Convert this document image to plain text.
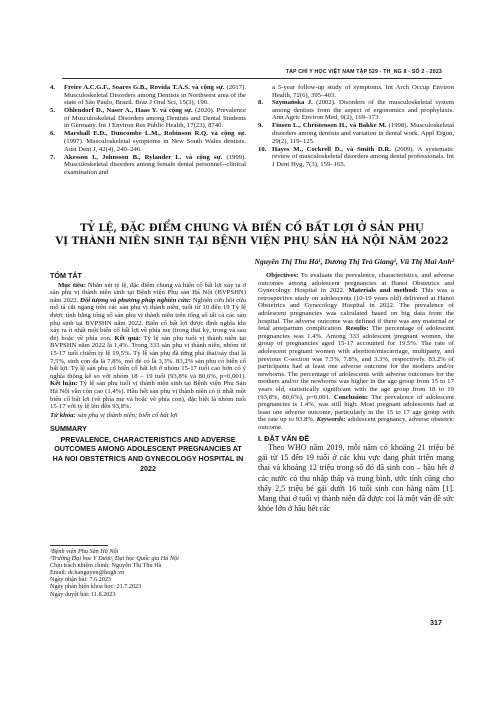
TẠP CHÍ Y HỌC VIỆT NAM TẬP 529 - TH_NG 8 - SỐ 2 - 2023
4.	Freire A.C.G.F., Soares G.B., Rovida T.A.S. và cộng sự. (2017). Musculoskeletal Disorders among Dentists in Northwest area of the state of São Paulo, Brazil. Braz J Oral Sci, 15(3), 190.
5.	Ohlendorf D., Naser A., Haas Y. và cộng sự. (2020). Prevalence of Musculoskeletal Disorders among Dentists and Dental Students in Germany. Int J Environ Res Public Health, 17(23), 8740.
6.	Marshall E.D., Duncombe L.M., Robinson R.Q. và cộng sự. (1997). Musculoskeletal symptoms in New South Wales dentists. Aust Dent J, 42(4), 240–246.
7.	Akesson I., Johnsson B., Rylander L. và cộng sự. (1999). Musculoskeletal disorders among female dental personnel--clinical examination and
a 5-year follow-up study of symptoms. Int Arch Occup Environ Health, 72(6), 395–403.
8.	Szymańska J. (2002). Disorders of the musculoskeletal system among dentists from the aspect of ergonomics and prophylaxis. Ann Agric Environ Med, 9(2), 169–173.
9.	Finsen L., Christensen H., và Bakke M. (1998). Musculoskeletal disorders among dentists and variation in dental work. Appl Ergon, 29(2), 119–125.
10. Hayes M., Cockrell D., và Smith D.R. (2009). A systematic review of musculoskeletal disorders among dental professionals. Int J Dent Hyg, 7(3), 159–165.
TỶ LỆ, ĐẶC ĐIỂM CHUNG VÀ BIẾN CỐ BẤT LỢI Ở SẢN PHỤ
VỊ THÀNH NIÊN SINH TẠI BỆNH VIỆN PHỤ SẢN HÀ NỘI NĂM 2022
Nguyễn Thị Thu Hà¹, Dương Thị Trà Giang¹, Vũ Thị Mai Anh²
TÓM TẮT

Mục tiêu: Nhằn xét tỷ lệ, đặc điểm chung và biến cố bất lợi xảy ra ở sản phụ vị thành niên sinh tại Bệnh viện Phụ sản Hà Nội (BVPSHN) năm 2022. Đối tượng và phương pháp nghiên cứu: Nghiên cứu hồi cứu mô tả cắt ngang trên các sản phụ vị thành niên, tuổi từ 10 đến 19 Tỷ lệ được tính bằng tổng số sản phụ vị thành niên trên tổng số tất cả các sản phụ sinh tại BVPSHN năm 2022. Biến cố bất lợi được định nghĩa khi xảy ra ít nhất một biến cố bất lợi về phía mẹ (trong thai kỳ, trong và sau đẻ) hoặc về phía con. Kết quả: Tỷ lệ sản phụ tuổi vị thành niên tại BVPSHN năm 2022 là 1,4%. Trong 333 sản phụ vị thành niên, nhóm từ 15-17 tuổi chiếm tỷ lệ 19,5%. Tỷ lệ sản phụ đã từng phá thai/sảy thai là 7,5%, sinh con đa là 7,8%, mổ đẻ có là 3,3%. 83,2% sản phụ có biến cố bất lợi. Tỷ lệ sản phụ có biến cố bất lợi ở nhóm 15-17 tuổi cao hơn có ý nghĩa thống kê so với nhóm 18 – 19 tuổi (93,8% và 80,6%, p=0,001). Kết luận: Tỷ lệ sản phụ tuổi vị thành niên sinh tại Bệnh viện Phụ Sản Hà Nội vẫn còn cao (1,4%). Hầu hết sản phụ vị thành niên có ít nhất một biến cố bất lợi (về phía mẹ và hoặc về phía con), đặc biệt là nhóm tuổi 15-17 với tỷ lệ lên đến 93,8%.

Từ khóa: sản phụ vị thành niên; biến cố bất lợi
SUMMARY
PREVALENCE, CHARACTERISTICS AND ADVERSE OUTCOMES AMONG ADOLESCENT PREGNANCIES AT HA NOI OBSTETRICS AND GYNECOLOGY HOSPITAL IN 2022
¹Bệnh viện Phụ Sản Hà Nội
²Trường Đại học Y Dược, Đại học Quốc gia Hà Nội
Chịu trách nhiệm chính: Nguyễn Thị Thu Hà
Email: dr.hanguyen@hogh.vn
Ngày nhận bài: 7.6.2023
Ngày phản biện khoa học: 21.7.2023
Ngày duyệt bài: 11.8.2023

Objectives: To evaluate the prevalence, characteristics, and adverse outcomes among adolescent pregnancies at Hanoi Obstetrics and Gynecology Hospital in 2022. Materials and method: This was a retrospective study on adolescents (10-19 years old) delivered at Hanoi Obstetrics and Gynecology Hospital in 2022. The prevalence of adolescent pregnancies was calculated based on big data from the hospital. The adverse outcome was defined if there was any maternal or fetal antepartum complication. Results: The percentage of adolescent pregnancies was 1.4%. Among 333 adolescent pregnant women, the group of pregnancies aged 15-17 accounted for 19.5%. The rate of adolescent pregnant women with abortion/miscarriage, multiparty, and previous C-section was 7.5%, 7.8%, and 3.3%, respectively. 83.2% of participants had at least one adverse outcome for the mothers and/or newborns. The percentage of adolescents with adverse outcomes for the mothers and/or the newborns was higher in the age group from 15 to 17 years old, statistically significant with the age group from 18 to 19 (93,8%, 80,6%), p=0.001. Conclusion: The prevalence of adolescent pregnancies is 1.4%, was still high. Most pregnant adolescents had at least one adverse outcome, particularly in the 15 to 17 age group with the rate up to 93.8%. Keywords: adolescent pregnancy, adverse obstetric outcome.

I. ĐẶT VẤN ĐỀ

Theo WHO năm 2019, mỗi năm có khoảng 21 triệu bé gái từ 15 đến 19 tuổi ở các khu vực đang phát triển mang thai và khoảng 12 triệu trong số đó đã sinh con – hầu hết ở các nước có thu nhập thấp và trung bình, ước tính cũng cho thấy 2,5 triệu bé gái dưới 16 tuổi sinh con hàng năm [1]. Mang thai ở tuổi vị thành niên đã được coi là một vấn đề sức khỏe lớn ở hầu hết các

317
